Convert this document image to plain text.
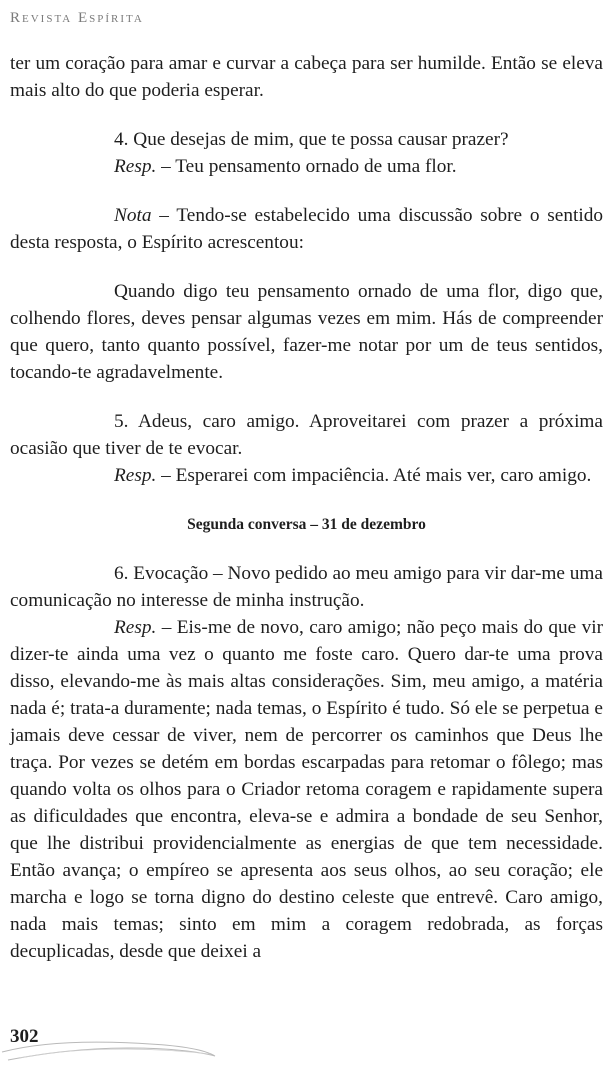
Revista Espírita

ter um coração para amar e curvar a cabeça para ser humilde. Então se eleva mais alto do que poderia esperar.

4. Que desejas de mim, que te possa causar prazer?

Resp. – Teu pensamento ornado de uma flor.

Nota – Tendo-se estabelecido uma discussão sobre o sentido desta resposta, o Espírito acrescentou:

Quando digo teu pensamento ornado de uma flor, digo que, colhendo flores, deves pensar algumas vezes em mim. Hás de compreender que quero, tanto quanto possível, fazer-me notar por um de teus sentidos, tocando-te agradavelmente.

5. Adeus, caro amigo. Aproveitarei com prazer a próxima ocasião que tiver de te evocar.

Resp. – Esperarei com impaciência. Até mais ver, caro amigo.

Segunda conversa – 31 de dezembro

6. Evocação – Novo pedido ao meu amigo para vir dar-me uma comunicação no interesse de minha instrução.

Resp. – Eis-me de novo, caro amigo; não peço mais do que vir dizer-te ainda uma vez o quanto me foste caro. Quero dar-te uma prova disso, elevando-me às mais altas considerações. Sim, meu amigo, a matéria nada é; trata-a duramente; nada temas, o Espírito é tudo. Só ele se perpetua e jamais deve cessar de viver, nem de percorrer os caminhos que Deus lhe traça. Por vezes se detém em bordas escarpadas para retomar o fôlego; mas quando volta os olhos para o Criador retoma coragem e rapidamente supera as dificuldades que encontra, eleva-se e admira a bondade de seu Senhor, que lhe distribui providencialmente as energias de que tem necessidade. Então avança; o empíreo se apresenta aos seus olhos, ao seu coração; ele marcha e logo se torna digno do destino celeste que entrevê. Caro amigo, nada mais temas; sinto em mim a coragem redobrada, as forças decuplicadas, desde que deixei a

302
